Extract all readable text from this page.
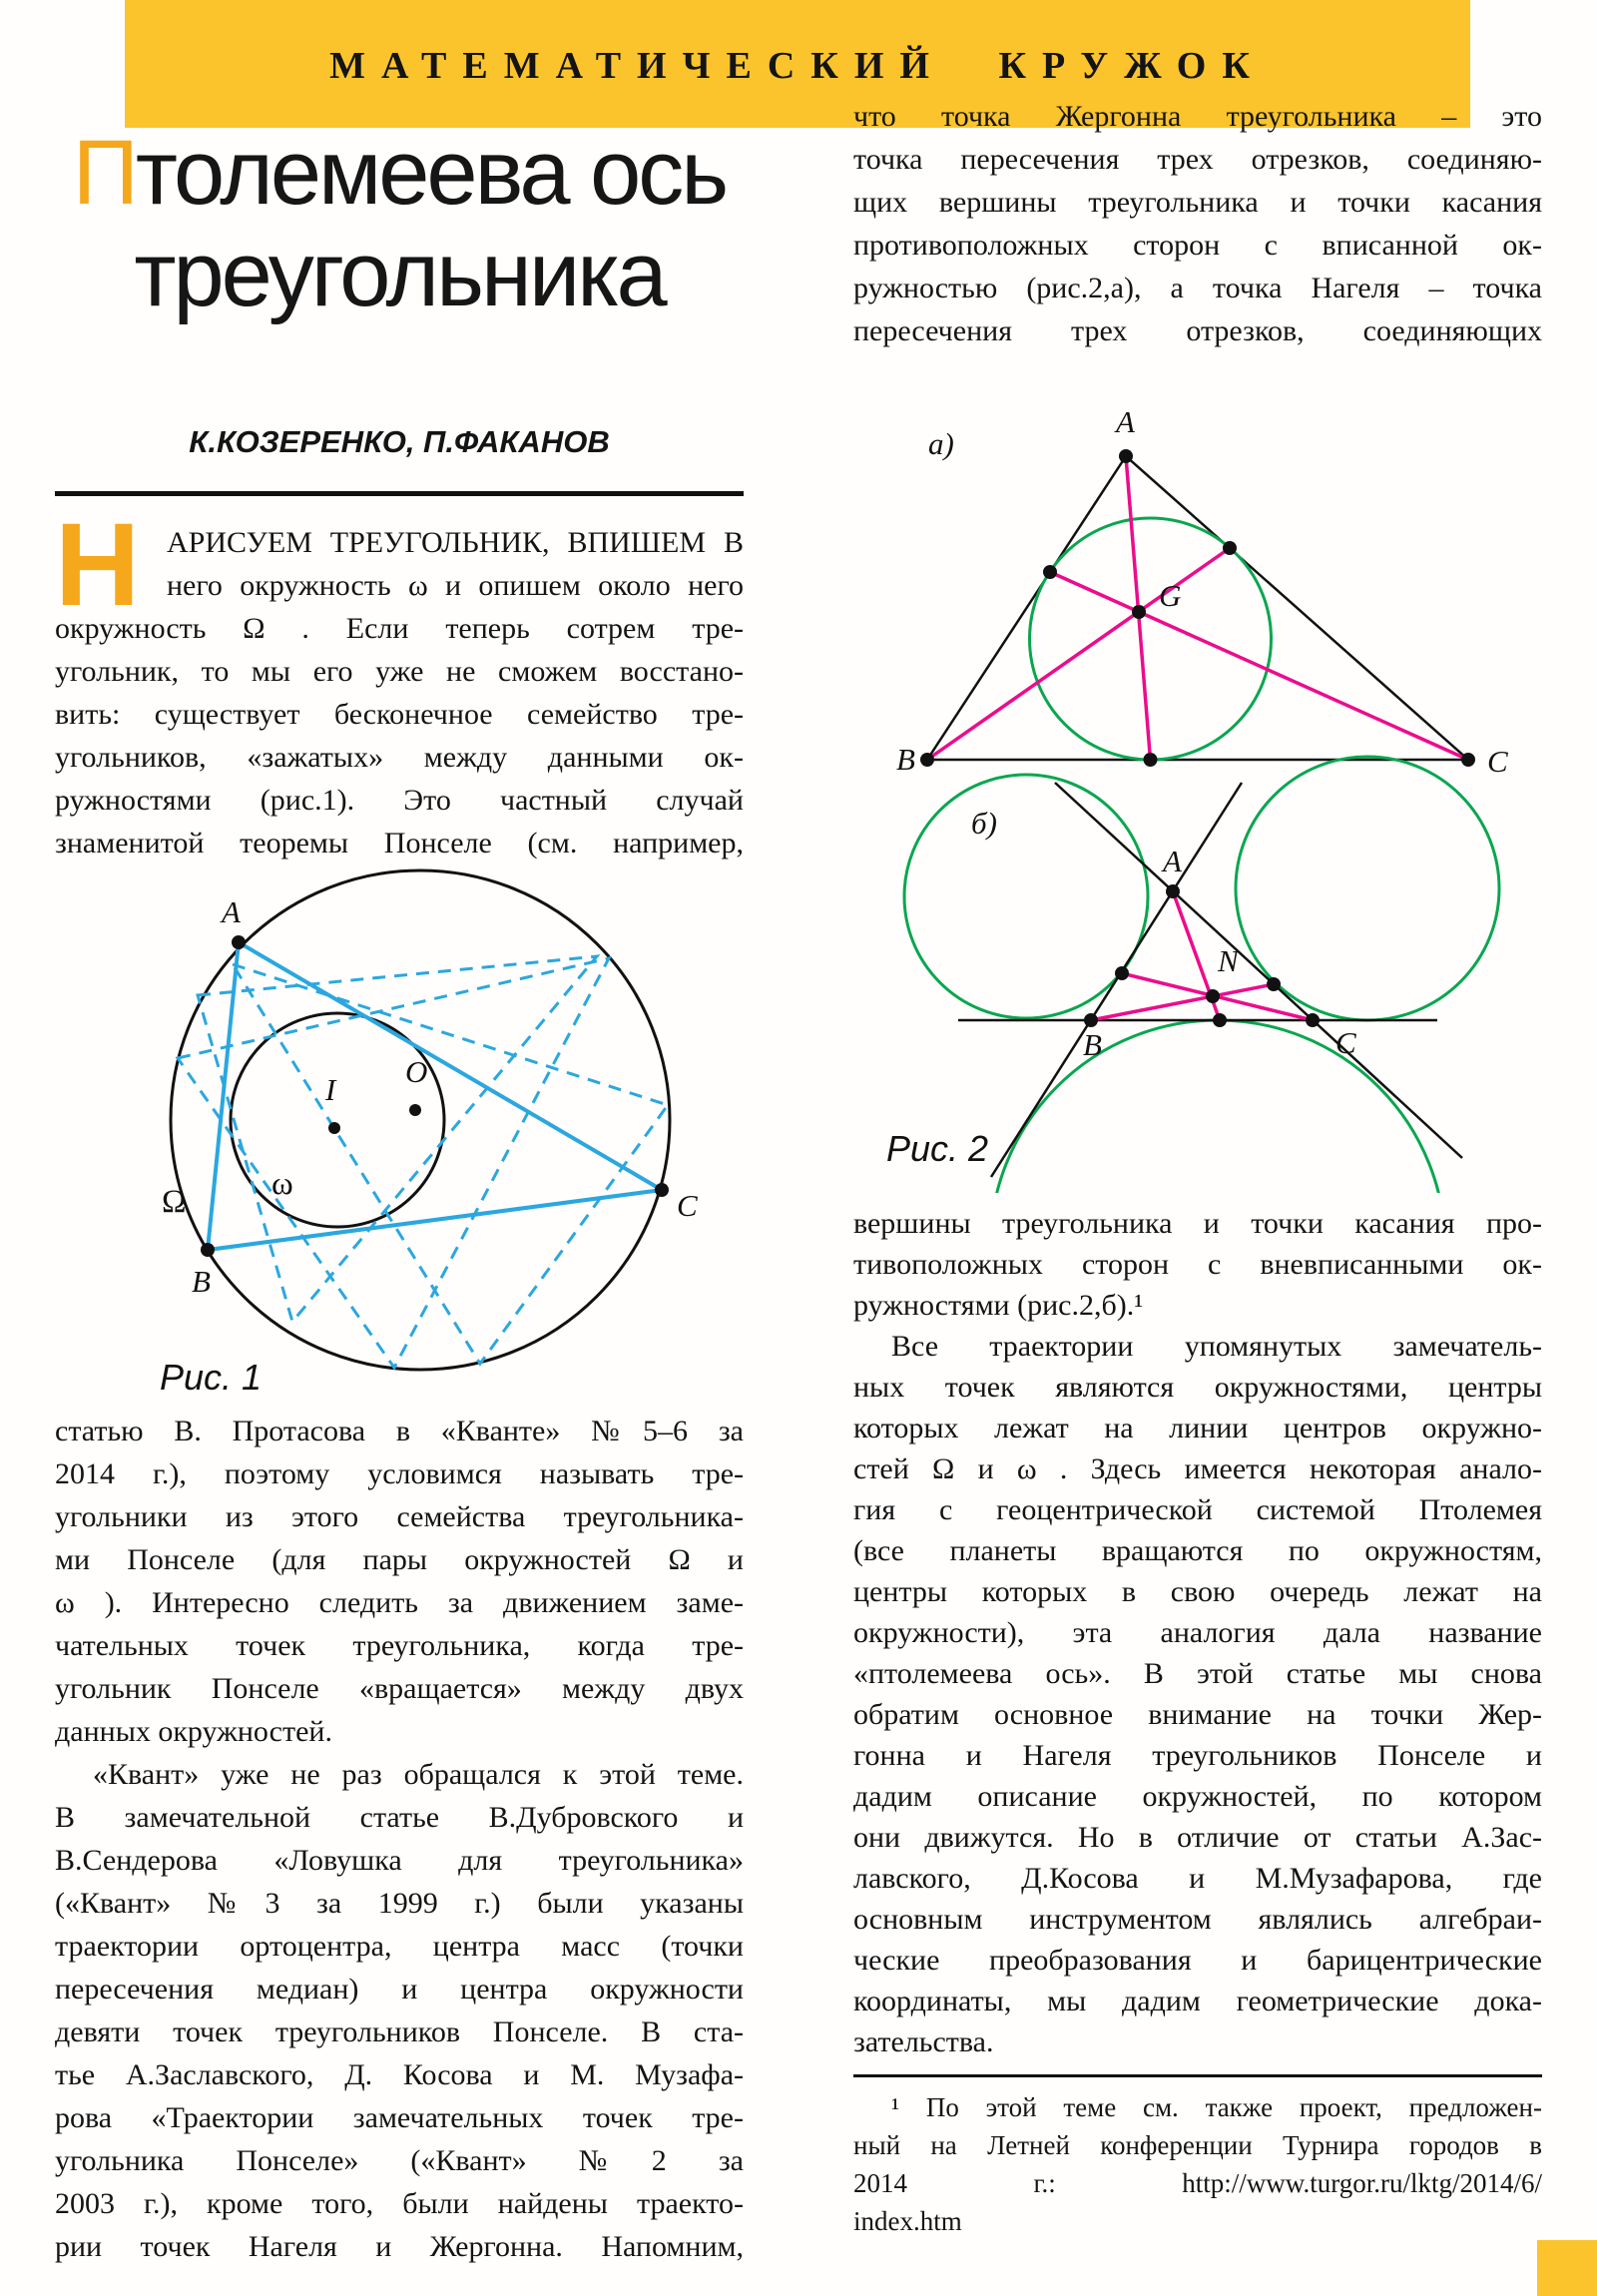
МАТЕМАТИЧЕСКИЙ КРУЖОК
Птолемеева ось
треугольника
К.КОЗЕРЕНКО, П.ФАКАНОВ
Н АРИСУЕМ ТРЕУГОЛЬНИК, ВПИШЕМ В
него окружность ω и опишем около него
окружность Ω . Если теперь сотрем тре-
угольник, то мы его уже не сможем восстано-
вить: существует бесконечное семейство тре-
угольников, «зажатых» между данными ок-
ружностями (рис.1). Это частный случай
знаменитой теоремы Понселе (см. например,
A
B
C
I
O
Ω	ω
Рис. 1
статью В. Протасова в «Кванте» №5–6 за
2014 г.), поэтому условимся называть тре-
угольники из этого семейства треугольника-
ми Понселе (для пары окружностей Ω и
ω ). Интересно следить за движением заме-
чательных точек треугольника, когда тре-
угольник Понселе «вращается» между двух
данных окружностей.
«Квант» уже не раз обращался к этой теме.
В замечательной статье В.Дубровского и
В.Сендерова «Ловушка для треугольника»
(«Квант» №3 за 1999 г.) были указаны
траектории ортоцентра, центра масс (точки
пересечения медиан) и центра окружности
девяти точек треугольников Понселе. В ста-
тье А.Заславского, Д. Косова и М. Музафа-
рова «Траектории замечательных точек тре-
угольника Понселе» («Квант» №2 за
2003 г.), кроме того, были найдены траекто-
рии точек Нагеля и Жергонна. Напомним,
что точка Жергонна треугольника – это
точка пересечения трех отрезков, соединяю-
щих вершины треугольника и точки касания
противоположных сторон с вписанной ок-
ружностью (рис.2,а), а точка Нагеля – точка
пересечения трех отрезков, соединяющих
а)
A
B	C
G
б)
A
B	C
N
Рис. 2
вершины треугольника и точки касания про-
тивоположных сторон с вневписанными ок-
ружностями (рис.2,б).¹
Все траектории упомянутых замечатель-
ных точек являются окружностями, центры
которых лежат на линии центров окружно-
стей Ω и ω . Здесь имеется некоторая анало-
гия с геоцентрической системой Птолемея
(все планеты вращаются по окружностям,
центры которых в свою очередь лежат на
окружности), эта аналогия дала название
«птолемеева ось». В этой статье мы снова
обратим основное внимание на точки Жер-
гонна и Нагеля треугольников Понселе и
дадим описание окружностей, по котором
они движутся. Но в отличие от статьи А.Зас-
лавского, Д.Косова и М.Музафарова, где
основным инструментом являлись алгебраи-
ческие преобразования и барицентрические
координаты, мы дадим геометрические дока-
зательства.
¹ По этой теме см. также проект, предложен-
ный на Летней конференции Турнира городов в
2014 г.: http://www.turgor.ru/lktg/2014/6/
index.htm
